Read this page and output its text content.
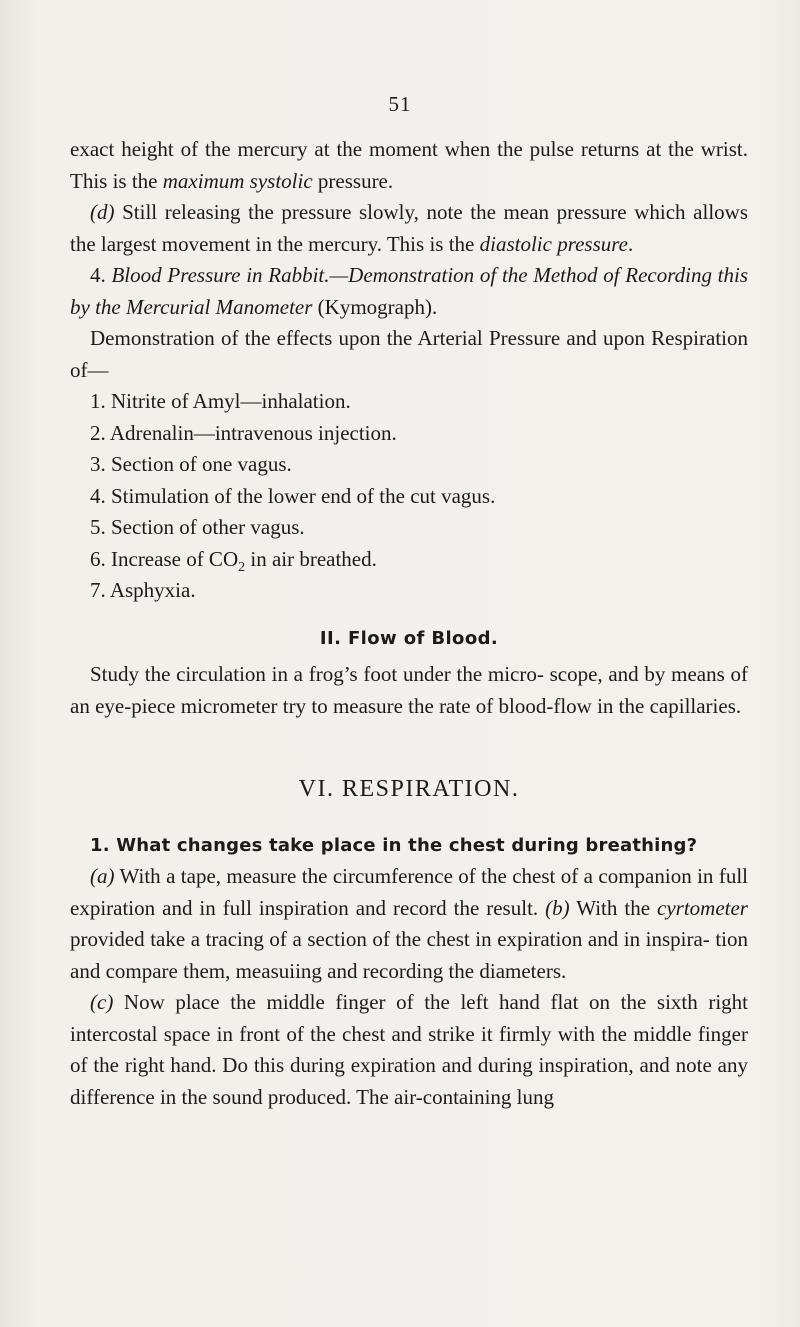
51

exact height of the mercury at the moment when the pulse returns at the wrist. This is the maximum systolic pressure.

(d) Still releasing the pressure slowly, note the mean pressure which allows the largest movement in the mercury. This is the diastolic pressure.

4. Blood Pressure in Rabbit.—Demonstration of the Method of Recording this by the Mercurial Manometer (Kymograph).

Demonstration of the effects upon the Arterial Pressure and upon Respiration of—

1. Nitrite of Amyl—inhalation.
2. Adrenalin—intravenous injection.
3. Section of one vagus.
4. Stimulation of the lower end of the cut vagus.
5. Section of other vagus.
6. Increase of $CO_2$ in air breathed.
7. Asphyxia.
II. Flow of Blood.

Study the circulation in a frog’s foot under the micro- scope, and by means of an eye-piece micrometer try to measure the rate of blood-flow in the capillaries.

VI. RESPIRATION.

1. What changes take place in the chest during breathing?

(a) With a tape, measure the circumference of the chest of a companion in full expiration and in full inspiration and record the result. (b) With the cyrtometer provided take a tracing of a section of the chest in expiration and in inspira- tion and compare them, measuiing and recording the diameters.

(c) Now place the middle finger of the left hand flat on the sixth right intercostal space in front of the chest and strike it firmly with the middle finger of the right hand. Do this during expiration and during inspiration, and note any difference in the sound produced. The air-containing lung
